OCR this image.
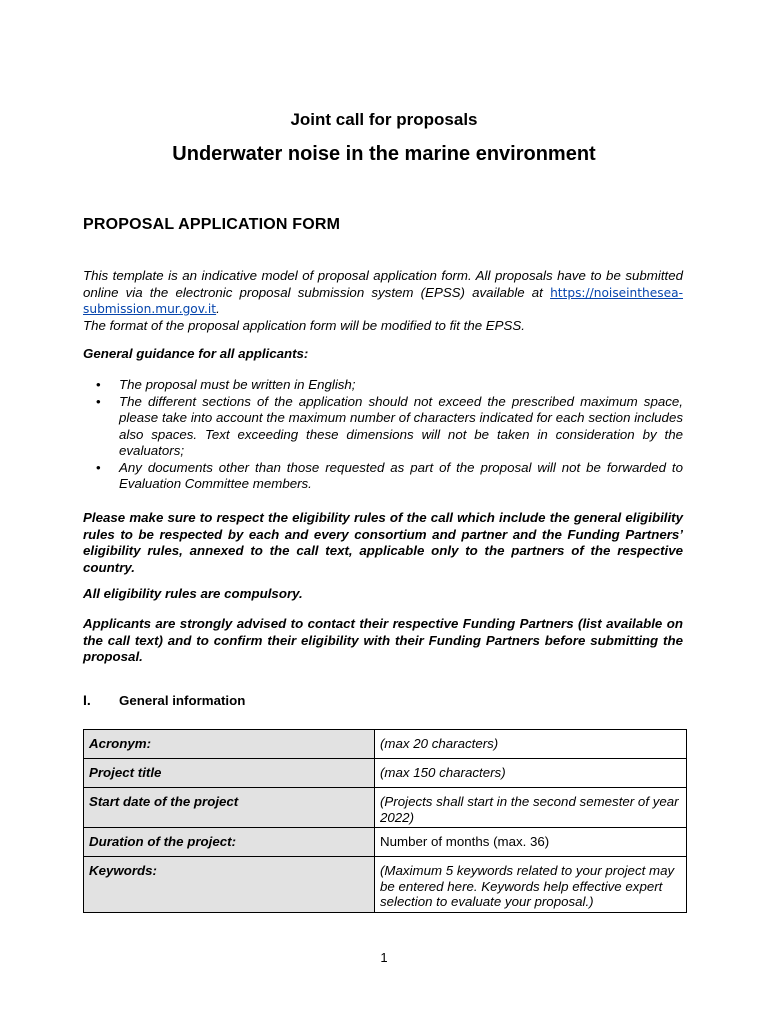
Joint call for proposals
Underwater noise in the marine environment
PROPOSAL APPLICATION FORM
This template is an indicative model of proposal application form. All proposals have to be submitted online via the electronic proposal submission system (EPSS) available at https://noiseinthesea-submission.mur.gov.it.
The format of the proposal application form will be modified to fit the EPSS.
General guidance for all applicants:
• The proposal must be written in English;
• The different sections of the application should not exceed the prescribed maximum space, please take into account the maximum number of characters indicated for each section includes also spaces. Text exceeding these dimensions will not be taken in consideration by the evaluators;
• Any documents other than those requested as part of the proposal will not be forwarded to Evaluation Committee members.
Please make sure to respect the eligibility rules of the call which include the general eligibility rules to be respected by each and every consortium and partner and the Funding Partners’ eligibility rules, annexed to the call text, applicable only to the partners of the respective country.
All eligibility rules are compulsory.
Applicants are strongly advised to contact their respective Funding Partners (list available on the call text) and to confirm their eligibility with their Funding Partners before submitting the proposal.
I. General information
Acronym:	(max 20 characters)
Project title	(max 150 characters)
Start date of the project	(Projects shall start in the second semester of year 2022)
Duration of the project:	Number of months (max. 36)
Keywords:	(Maximum 5 keywords related to your project may be entered here. Keywords help effective expert selection to evaluate your proposal.)
1
